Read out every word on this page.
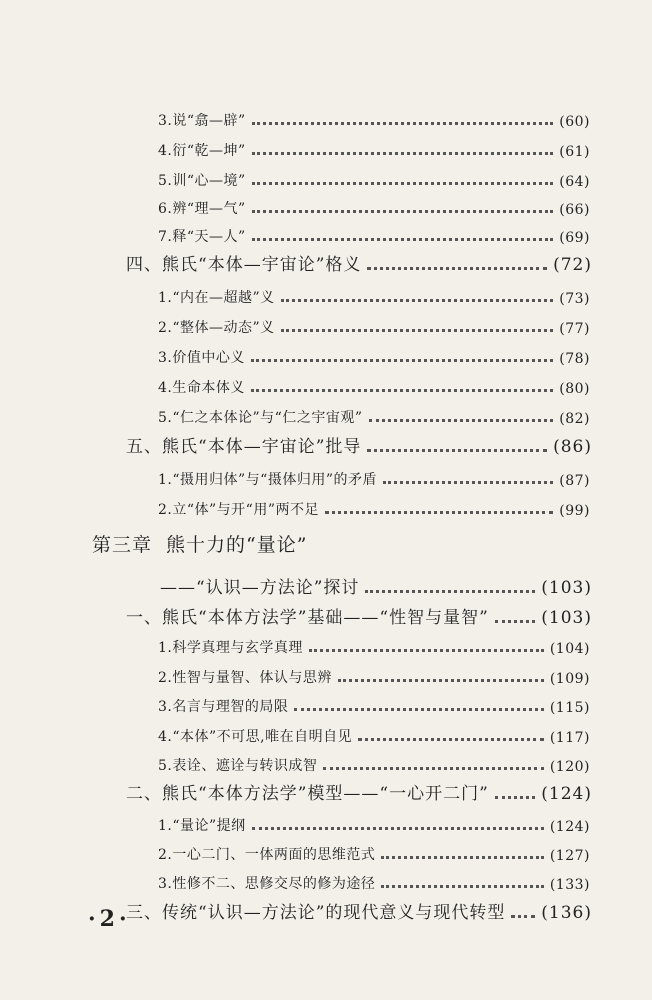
3.说“翕—辟”	(60)
4.衍“乾—坤”	(61)
5.训“心—境”	(64)
6.辨“理—气”	(66)
7.释“天—人”	(69)
四、熊氏“本体—宇宙论”格义	(72)
1.“内在—超越”义	(73)
2.“整体—动态”义	(77)
3.价值中心义	(78)
4.生命本体义	(80)
5.“仁之本体论”与“仁之宇宙观”	(82)
五、熊氏“本体—宇宙论”批导	(86)
1.“摄用归体”与“摄体归用”的矛盾	(87)
2.立“体”与开“用”两不足	(99)
第三章 熊十力的“量论”
——“认识—方法论”探讨	(103)
一、熊氏“本体方法学”基础——“性智与量智”	(103)
1.科学真理与玄学真理	(104)
2.性智与量智、体认与思辨	(109)
3.名言与理智的局限	(115)
4.“本体”不可思,唯在自明自见	(117)
5.表诠、遮诠与转识成智	(120)
二、熊氏“本体方法学”模型——“一心开二门”	(124)
1.“量论”提纲	(124)
2.一心二门、一体两面的思维范式	(127)
3.性修不二、思修交尽的修为途径	(133)
三、传统“认识—方法论”的现代意义与现代转型 (136)
·2·
